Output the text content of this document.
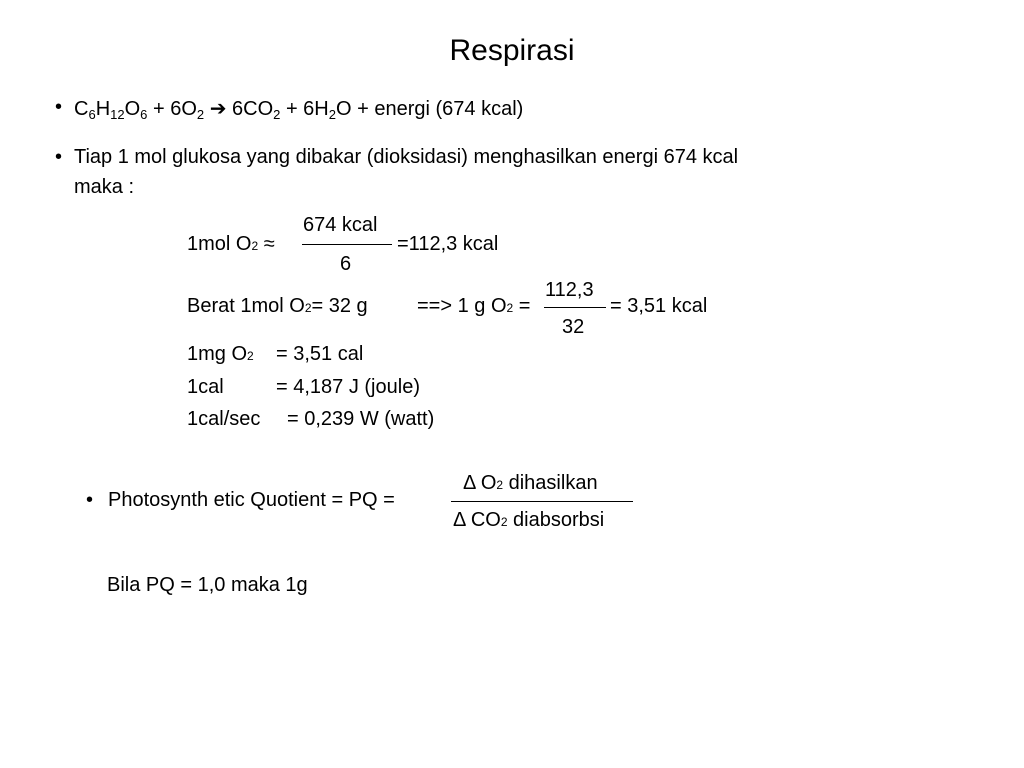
Respirasi
• $C_6H_{12}O_6 + 6O_2$ ➔ $6CO_2 + 6H_2O$ + energi (674 kcal)
• Tiap 1 mol glukosa yang dibakar (dioksidasi) menghasilkan energi 674 kcal
maka :
1mol O2 ≈
674 kcal
6
=112,3 kcal
Berat 1mol O2= 32 g ==> 1 g O2 =
112,3
32
= 3,51 kcal
1mg O2 = 3,51 cal
1cal	= 4,187 J (joule)
1cal/sec = 0,239 W (watt)
• Photosynth etic Quotient = PQ =
Δ O2 dihasilkan
Δ CO2 diabsorbsi
Bila PQ = 1,0 maka 1g
